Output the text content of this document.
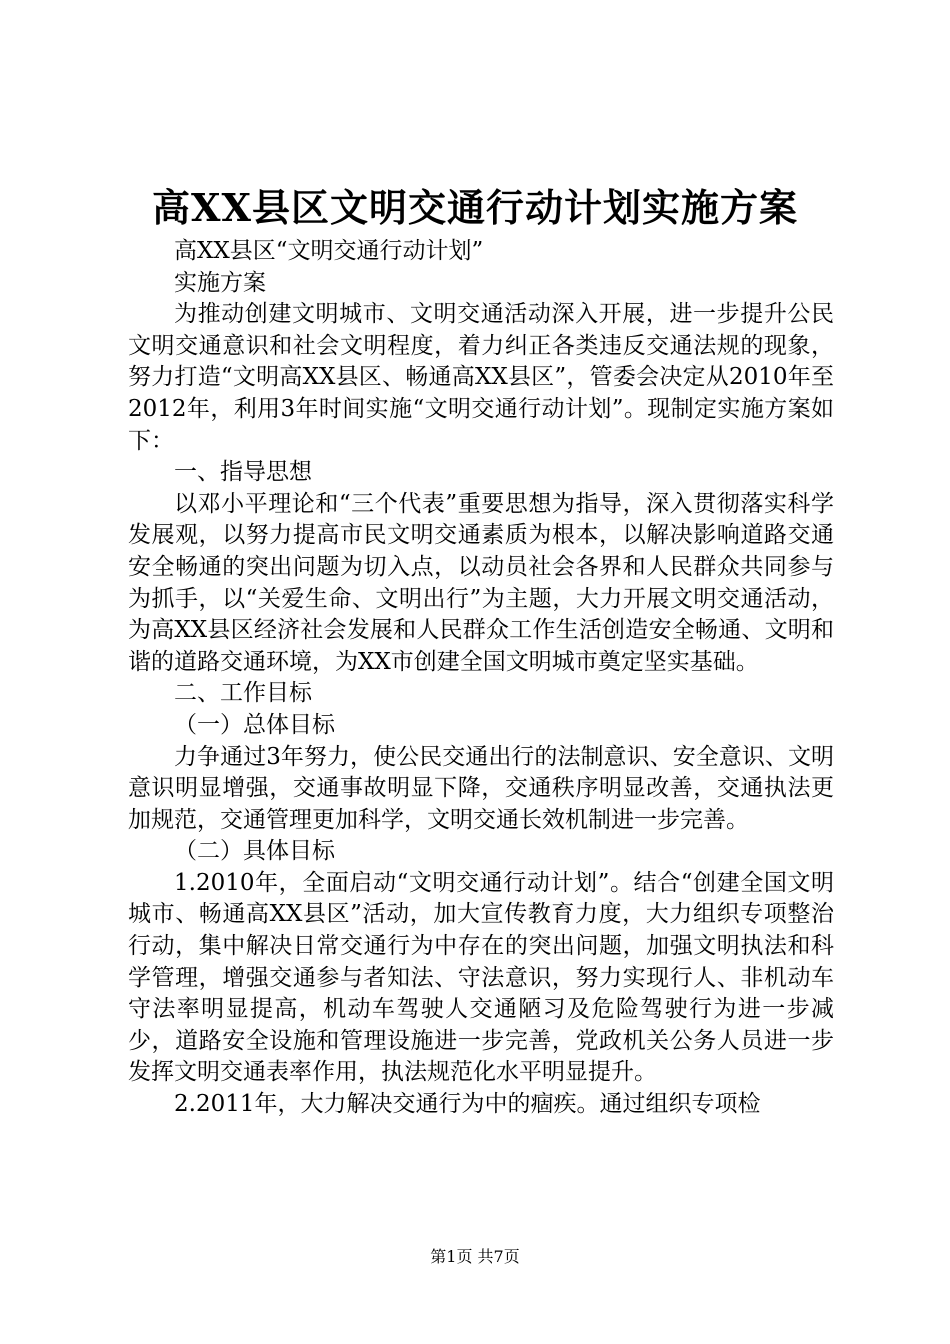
高XX县区文明交通行动计划实施方案

高XX县区“文明交通行动计划”

实施方案

为推动创建文明城市、文明交通活动深入开展，进一步提升公民文明交通意识和社会文明程度，着力纠正各类违反交通法规的现象，努力打造“文明高XX县区、畅通高XX县区”，管委会决定从2010年至2012年，利用3年时间实施“文明交通行动计划”。现制定实施方案如下：

一、指导思想

以邓小平理论和“三个代表”重要思想为指导，深入贯彻落实科学发展观，以努力提高市民文明交通素质为根本，以解决影响道路交通安全畅通的突出问题为切入点，以动员社会各界和人民群众共同参与为抓手，以“关爱生命、文明出行”为主题，大力开展文明交通活动，为高XX县区经济社会发展和人民群众工作生活创造安全畅通、文明和谐的道路交通环境，为XX市创建全国文明城市奠定坚实基础。

二、工作目标

（一）总体目标

力争通过3年努力，使公民交通出行的法制意识、安全意识、文明意识明显增强，交通事故明显下降，交通秩序明显改善，交通执法更加规范，交通管理更加科学，文明交通长效机制进一步完善。

（二）具体目标

1.2010年，全面启动“文明交通行动计划”。结合“创建全国文明城市、畅通高XX县区”活动，加大宣传教育力度，大力组织专项整治行动，集中解决日常交通行为中存在的突出问题，加强文明执法和科学管理，增强交通参与者知法、守法意识，努力实现行人、非机动车守法率明显提高，机动车驾驶人交通陋习及危险驾驶行为进一步减少，道路安全设施和管理设施进一步完善，党政机关公务人员进一步发挥文明交通表率作用，执法规范化水平明显提升。

2.2011年，大力解决交通行为中的痼疾。通过组织专项检

第1页 共7页
